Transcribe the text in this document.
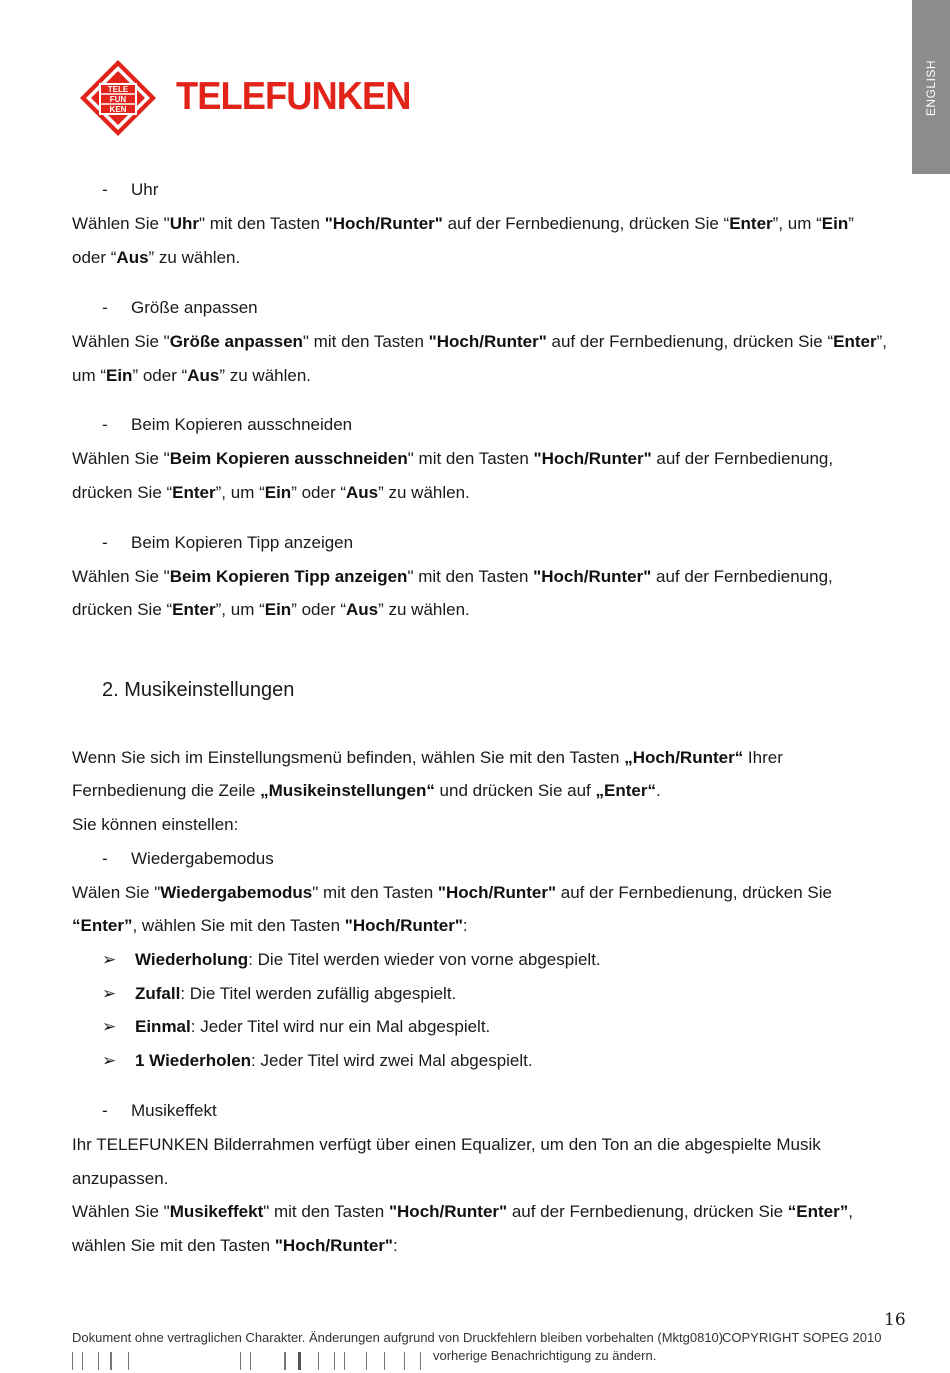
ENGLISH
TELE
FUN
KEN TELEFUNKEN
- Uhr
Wählen Sie "Uhr" mit den Tasten "Hoch/Runter" auf der Fernbedienung, drücken Sie “Enter”, um “Ein”
oder “Aus” zu wählen.
- Größe anpassen
Wählen Sie "Größe anpassen" mit den Tasten "Hoch/Runter" auf der Fernbedienung, drücken Sie “Enter”,
um “Ein” oder “Aus” zu wählen.
- Beim Kopieren ausschneiden
Wählen Sie "Beim Kopieren ausschneiden" mit den Tasten "Hoch/Runter" auf der Fernbedienung,
drücken Sie “Enter”, um “Ein” oder “Aus” zu wählen.
- Beim Kopieren Tipp anzeigen
Wählen Sie "Beim Kopieren Tipp anzeigen" mit den Tasten "Hoch/Runter" auf der Fernbedienung,
drücken Sie “Enter”, um “Ein” oder “Aus” zu wählen.
2. Musikeinstellungen
Wenn Sie sich im Einstellungsmenü befinden, wählen Sie mit den Tasten „Hoch/Runter“ Ihrer
Fernbedienung die Zeile „Musikeinstellungen“ und drücken Sie auf „Enter“.
Sie können einstellen:
- Wiedergabemodus
Wälen Sie "Wiedergabemodus" mit den Tasten "Hoch/Runter" auf der Fernbedienung, drücken Sie
“Enter”, wählen Sie mit den Tasten "Hoch/Runter":
➢ Wiederholung: Die Titel werden wieder von vorne abgespielt.
➢ Zufall: Die Titel werden zufällig abgespielt.
➢ Einmal: Jeder Titel wird nur ein Mal abgespielt.
➢ 1 Wiederholen: Jeder Titel wird zwei Mal abgespielt.
- Musikeffekt
Ihr TELEFUNKEN Bilderrahmen verfügt über einen Equalizer, um den Ton an die abgespielte Musik
anzupassen.
Wählen Sie "Musikeffekt" mit den Tasten "Hoch/Runter" auf der Fernbedienung, drücken Sie “Enter”,
wählen Sie mit den Tasten "Hoch/Runter":
16
Dokument ohne vertraglichen Charakter. Änderungen aufgrund von Druckfehlern bleiben vorbehalten (Mktg0810)
COPYRIGHT SOPEG 2010
vorherige Benachrichtigung zu ändern.
